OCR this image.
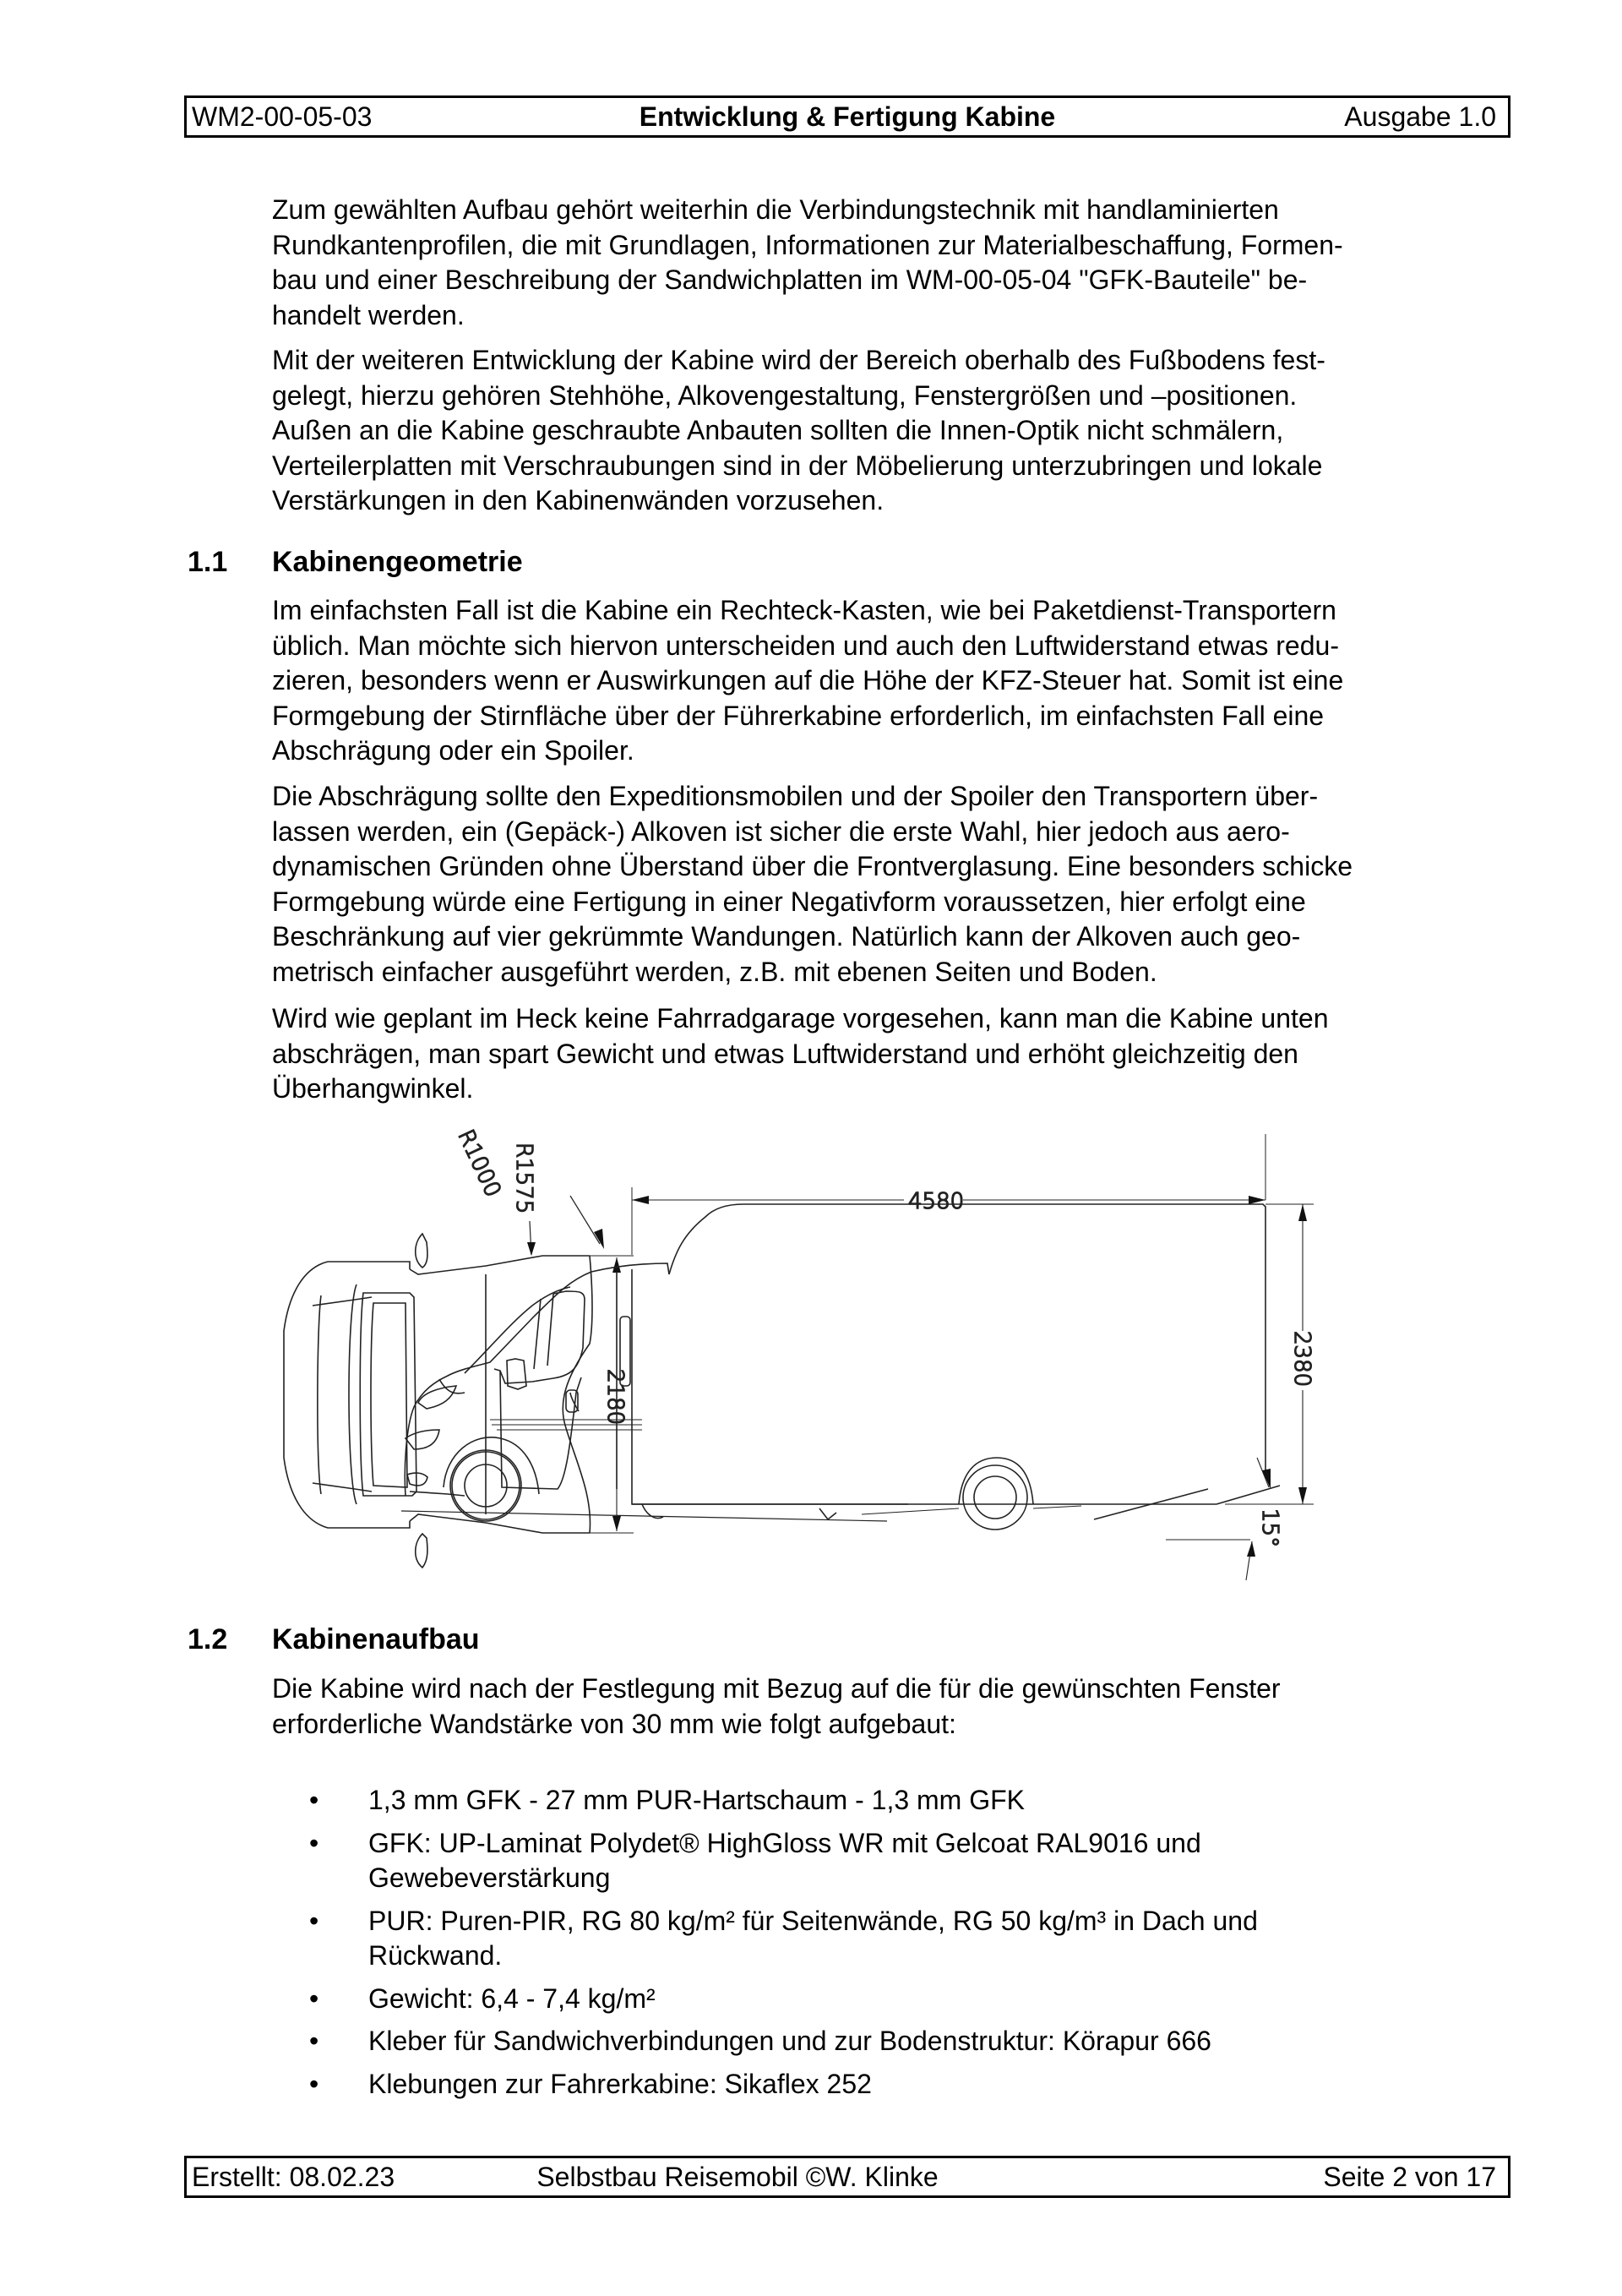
WM2-00-05-03	Entwicklung & Fertigung Kabine	Ausgabe 1.0

Zum gewählten Aufbau gehört weiterhin die Verbindungstechnik mit handlaminierten
Rundkantenprofilen, die mit Grundlagen, Informationen zur Materialbeschaffung, Formen-
bau und einer Beschreibung der Sandwichplatten im WM-00-05-04 "GFK-Bauteile" be-
handelt werden.

Mit der weiteren Entwicklung der Kabine wird der Bereich oberhalb des Fußbodens fest-
gelegt, hierzu gehören Stehhöhe, Alkovengestaltung, Fenstergrößen und –positionen.
Außen an die Kabine geschraubte Anbauten sollten die Innen-Optik nicht schmälern,
Verteilerplatten mit Verschraubungen sind in der Möbelierung unterzubringen und lokale
Verstärkungen in den Kabinenwänden vorzusehen.

1.1 Kabinengeometrie

Im einfachsten Fall ist die Kabine ein Rechteck-Kasten, wie bei Paketdienst-Transportern
üblich. Man möchte sich hiervon unterscheiden und auch den Luftwiderstand etwas redu-
zieren, besonders wenn er Auswirkungen auf die Höhe der KFZ-Steuer hat. Somit ist eine
Formgebung der Stirnfläche über der Führerkabine erforderlich, im einfachsten Fall eine
Abschrägung oder ein Spoiler.

Die Abschrägung sollte den Expeditionsmobilen und der Spoiler den Transportern über-
lassen werden, ein (Gepäck-) Alkoven ist sicher die erste Wahl, hier jedoch aus aero-
dynamischen Gründen ohne Überstand über die Frontverglasung. Eine besonders schicke
Formgebung würde eine Fertigung in einer Negativform voraussetzen, hier erfolgt eine
Beschränkung auf vier gekrümmte Wandungen. Natürlich kann der Alkoven auch geo-
metrisch einfacher ausgeführt werden, z.B. mit ebenen Seiten und Boden.

Wird wie geplant im Heck keine Fahrradgarage vorgesehen, kann man die Kabine unten
abschrägen, man spart Gewicht und etwas Luftwiderstand und erhöht gleichzeitig den
Überhangwinkel.

R1575
2180
R1000
4580
2380
15°
1.2 Kabinenaufbau

Die Kabine wird nach der Festlegung mit Bezug auf die für die gewünschten Fenster
erforderliche Wandstärke von 30 mm wie folgt aufgebaut:

• 1,3 mm GFK - 27 mm PUR-Hartschaum - 1,3 mm GFK
• GFK: UP-Laminat Polydet® HighGloss WR mit Gelcoat RAL9016 und
Gewebeverstärkung
• PUR: Puren-PIR, RG 80 kg/m² für Seitenwände, RG 50 kg/m³ in Dach und
Rückwand.
• Gewicht: 6,4 - 7,4 kg/m²
• Kleber für Sandwichverbindungen und zur Bodenstruktur: Körapur 666
• Klebungen zur Fahrerkabine: Sikaflex 252
Erstellt: 08.02.23	Selbstbau Reisemobil ©W. Klinke	Seite 2 von 17
